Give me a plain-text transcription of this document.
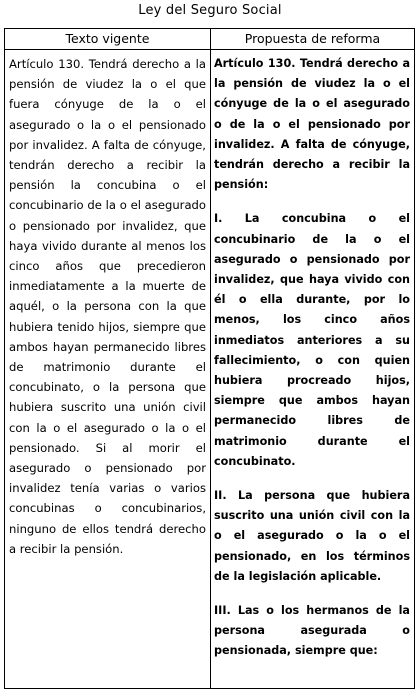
Ley del Seguro Social
Texto vigente	Propuesta de reforma
Artículo 130. Tendrá derecho a la pensión de viudez la o el que fuera cónyuge de la o el asegurado o la o el pensionado por invalidez. A falta de cónyuge, tendrán derecho a recibir la pensión la concubina o el concubinario de la o el asegurado o pensionado por invalidez, que haya vivido durante al menos los cinco años que precedieron inmediatamente a la muerte de aquél, o la persona con la que hubiera tenido hijos, siempre que ambos hayan permanecido libres de matrimonio durante el concubinato, o la persona que hubiera suscrito una unión civil con la o el asegurado o la o el pensionado. Si al morir el asegurado o pensionado por invalidez tenía varias o varios concubinas o concubinarios, ninguno de ellos tendrá derecho a recibir la pensión.

Artículo 130. Tendrá derecho a la pensión de viudez la o el cónyuge de la o el asegurado o de la o el pensionado por invalidez. A falta de cónyuge, tendrán derecho a recibir la pensión:

I. La concubina o el concubinario de la o el asegurado o pensionado por invalidez, que haya vivido con él o ella durante, por lo menos, los cinco años inmediatos anteriores a su fallecimiento, o con quien hubiera procreado hijos, siempre que ambos hayan permanecido libres de matrimonio durante el concubinato.

II. La persona que hubiera suscrito una unión civil con la o el asegurado o la o el pensionado, en los términos de la legislación aplicable.

III. Las o los hermanos de la persona asegurada o pensionada, siempre que:
